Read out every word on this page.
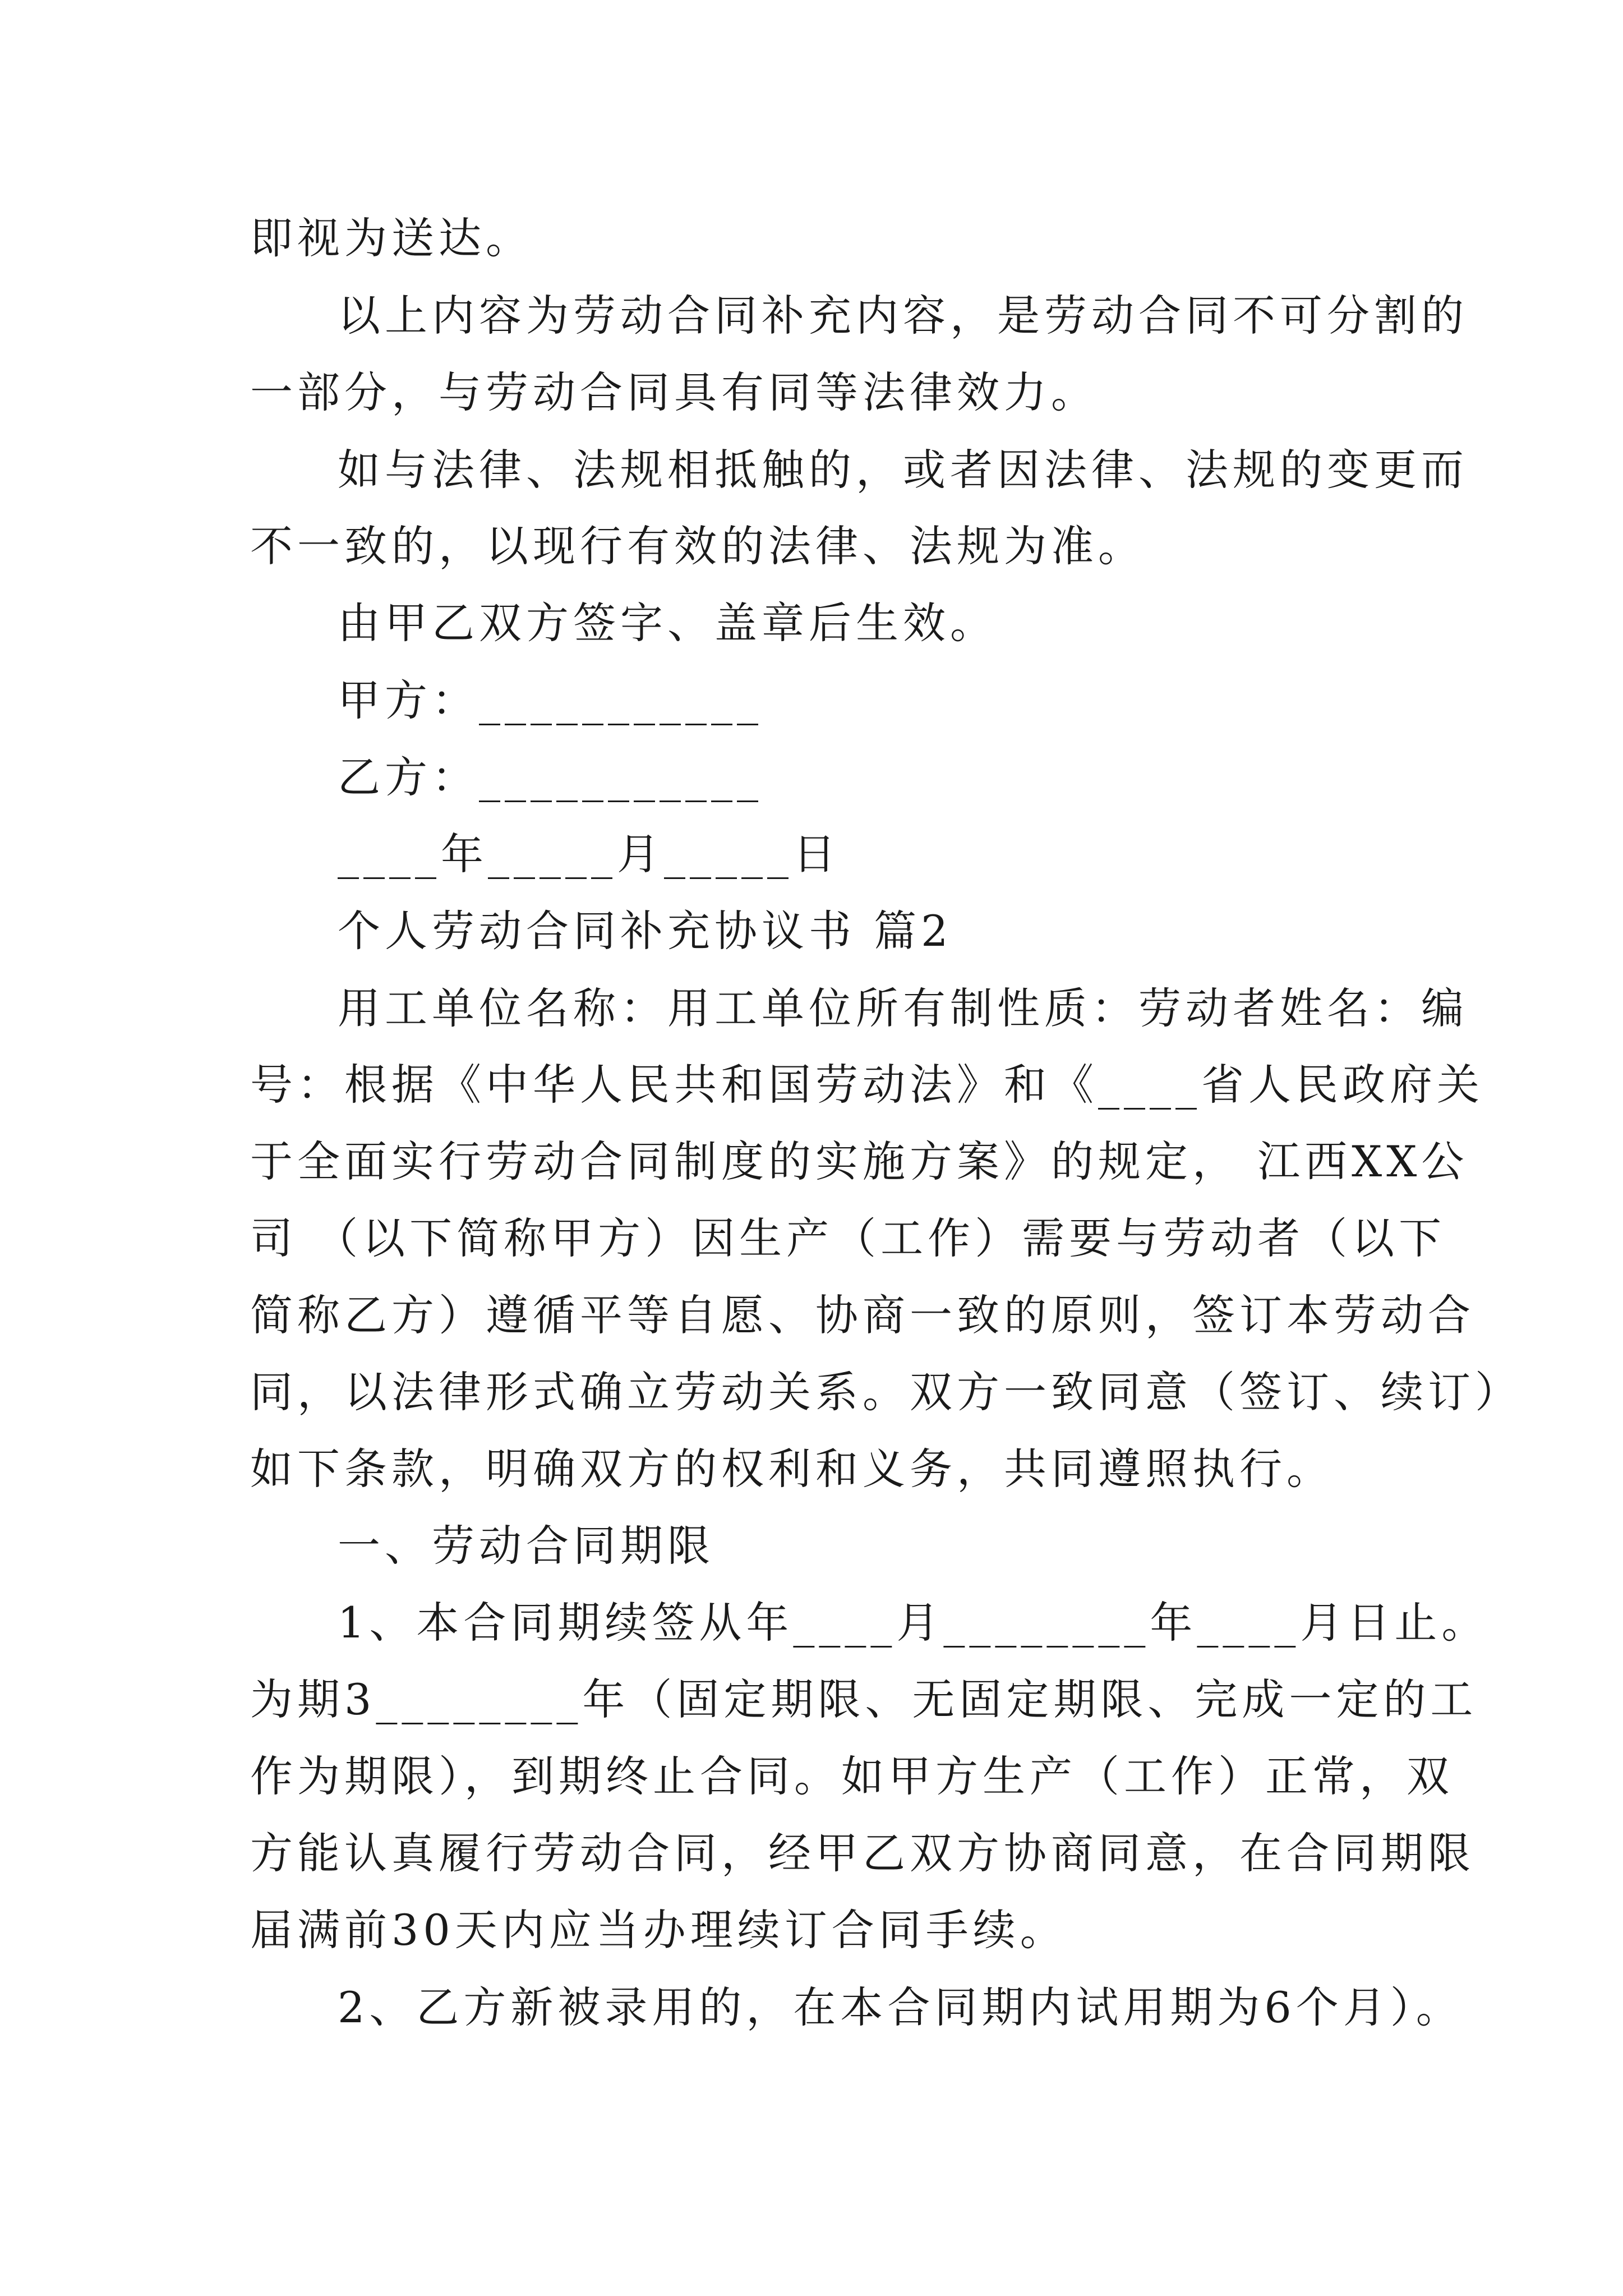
即视为送达。

以上内容为劳动合同补充内容，是劳动合同不可分割的

一部分，与劳动合同具有同等法律效力。

如与法律、法规相抵触的，或者因法律、法规的变更而

不一致的，以现行有效的法律、法规为准。

由甲乙双方签字、盖章后生效。

甲方：___________

乙方：___________

____年_____月_____日

个人劳动合同补充协议书 篇2

用工单位名称：用工单位所有制性质：劳动者姓名：编

号：根据《中华人民共和国劳动法》和《____省人民政府关

于全面实行劳动合同制度的实施方案》的规定， 江西XX公

司 （以下简称甲方）因生产（工作）需要与劳动者（以下

简称乙方）遵循平等自愿、协商一致的原则，签订本劳动合

同，以法律形式确立劳动关系。双方一致同意（签订、续订）

如下条款，明确双方的权利和义务，共同遵照执行。

一、劳动合同期限

1、本合同期续签从年____月________年____月日止。

为期3________年（固定期限、无固定期限、完成一定的工

作为期限），到期终止合同。如甲方生产（工作）正常，双

方能认真履行劳动合同，经甲乙双方协商同意，在合同期限

届满前30天内应当办理续订合同手续。

2、乙方新被录用的，在本合同期内试用期为6个月）。
